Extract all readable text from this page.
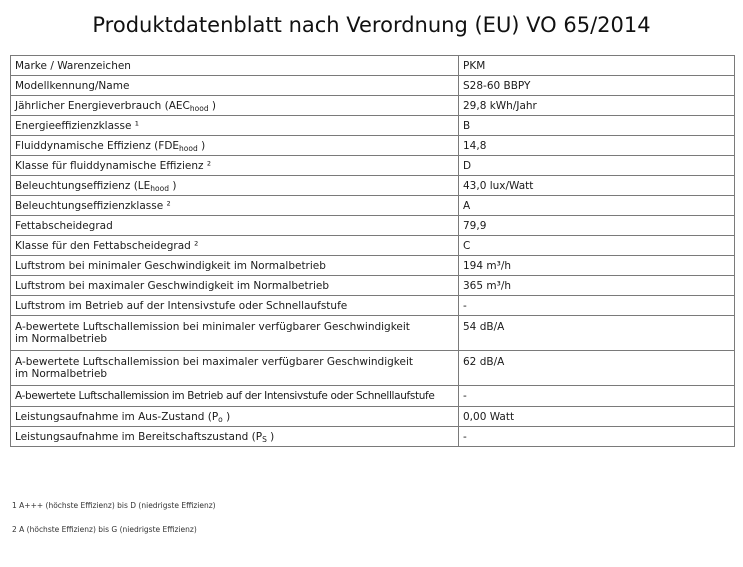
Produktdatenblatt nach Verordnung (EU) VO 65/2014
Marke / Warenzeichen	PKM
Modellkennung/Name	S28-60 BBPY
Jährlicher Energieverbrauch ($AEC_{hood}$ )	29,8 kWh/Jahr
Energieeffizienzklasse ¹	B
Fluiddynamische Effizienz ($FDE_{hood}$ )	14,8
Klasse für fluiddynamische Effizienz ²	D
Beleuchtungseffizienz ($LE_{hood}$ )	43,0 lux/Watt
Beleuchtungseffizienzklasse ²	A
Fettabscheidegrad	79,9
Klasse für den Fettabscheidegrad ²	C
Luftstrom bei minimaler Geschwindigkeit im Normalbetrieb	194 m³/h
Luftstrom bei maximaler Geschwindigkeit im Normalbetrieb	365 m³/h
Luftstrom im Betrieb auf der Intensivstufe oder Schnellaufstufe	-

A-bewertete Luftschallemission bei minimaler verfügbarer Geschwindigkeit
im Normalbetrieb	54 dB/A

A-bewertete Luftschallemission bei maximaler verfügbarer Geschwindigkeit
im Normalbetrieb	62 dB/A
A-bewertete Luftschallemission im Betrieb auf der Intensivstufe oder Schnelllaufstufe	-
Leistungsaufnahme im Aus-Zustand ($P_o$ )	0,00 Watt
Leistungsaufnahme im Bereitschaftszustand ($P_S$ )	-
1 A+++ (höchste Effizienz) bis D (niedrigste Effizienz)
2 A (höchste Effizienz) bis G (niedrigste Effizienz)
